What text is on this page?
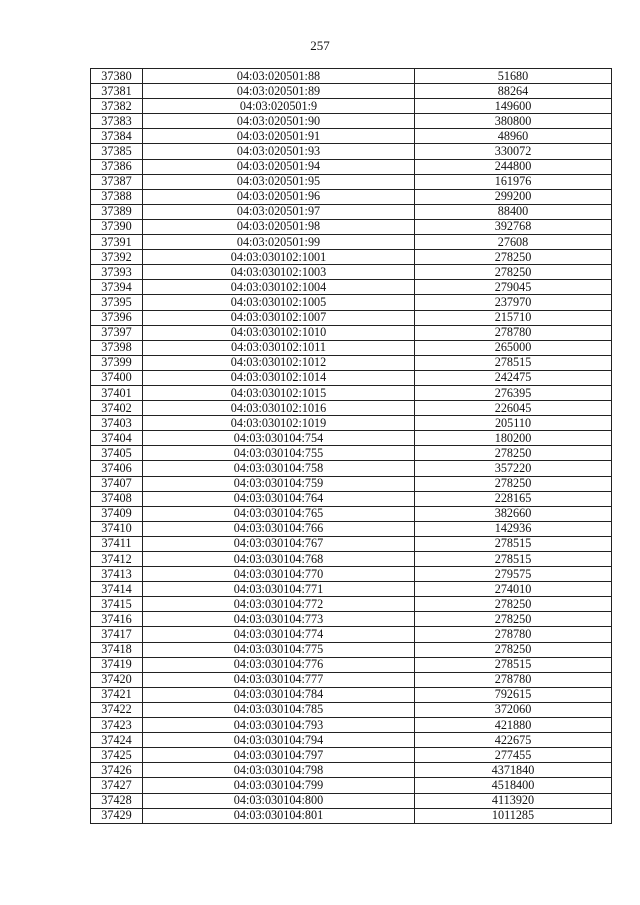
257
37380	04:03:020501:88	51680
37381	04:03:020501:89	88264
37382	04:03:020501:9	149600
37383	04:03:020501:90	380800
37384	04:03:020501:91	48960
37385	04:03:020501:93	330072
37386	04:03:020501:94	244800
37387	04:03:020501:95	161976
37388	04:03:020501:96	299200
37389	04:03:020501:97	88400
37390	04:03:020501:98	392768
37391	04:03:020501:99	27608
37392	04:03:030102:1001	278250
37393	04:03:030102:1003	278250
37394	04:03:030102:1004	279045
37395	04:03:030102:1005	237970
37396	04:03:030102:1007	215710
37397	04:03:030102:1010	278780
37398	04:03:030102:1011	265000
37399	04:03:030102:1012	278515
37400	04:03:030102:1014	242475
37401	04:03:030102:1015	276395
37402	04:03:030102:1016	226045
37403	04:03:030102:1019	205110
37404	04:03:030104:754	180200
37405	04:03:030104:755	278250
37406	04:03:030104:758	357220
37407	04:03:030104:759	278250
37408	04:03:030104:764	228165
37409	04:03:030104:765	382660
37410	04:03:030104:766	142936
37411	04:03:030104:767	278515
37412	04:03:030104:768	278515
37413	04:03:030104:770	279575
37414	04:03:030104:771	274010
37415	04:03:030104:772	278250
37416	04:03:030104:773	278250
37417	04:03:030104:774	278780
37418	04:03:030104:775	278250
37419	04:03:030104:776	278515
37420	04:03:030104:777	278780
37421	04:03:030104:784	792615
37422	04:03:030104:785	372060
37423	04:03:030104:793	421880
37424	04:03:030104:794	422675
37425	04:03:030104:797	277455
37426	04:03:030104:798	4371840
37427	04:03:030104:799	4518400
37428	04:03:030104:800	4113920
37429	04:03:030104:801	1011285
